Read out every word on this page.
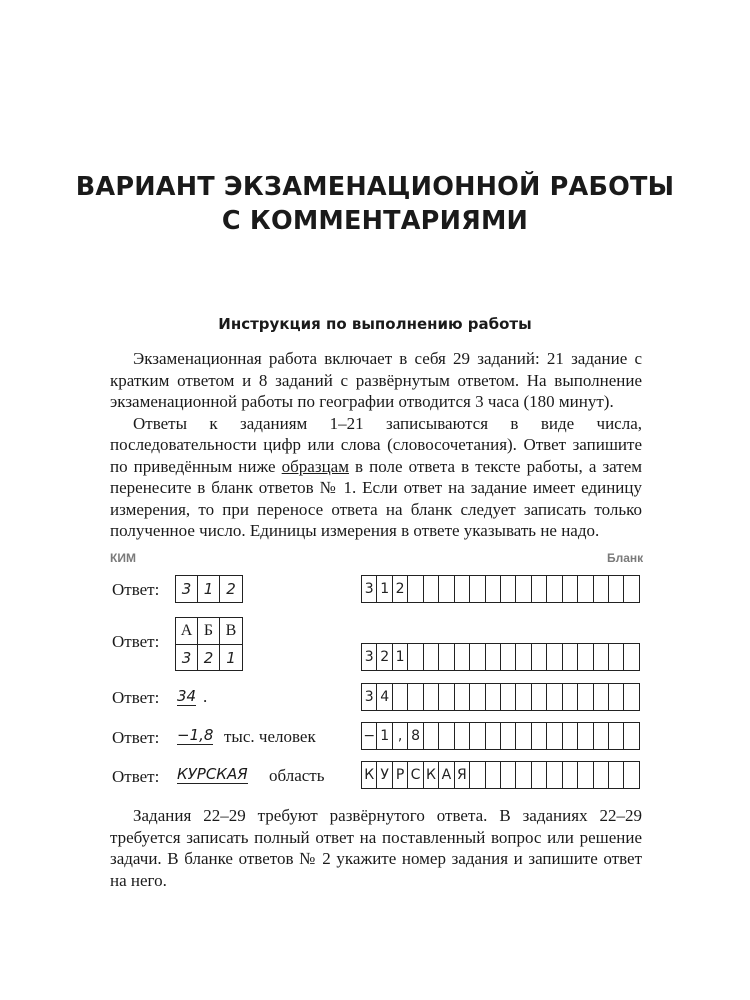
ВАРИАНТ ЭКЗАМЕНАЦИОННОЙ РАБОТЫ
С КОММЕНТАРИЯМИ
Инструкция по выполнению работы

Экзаменационная работа включает в себя 29 заданий: 21 задание с кратким ответом и 8 заданий с развёрнутым ответом. На выполнение экзаменационной работы по географии отводится 3 часа (180 минут).

Ответы к заданиям 1–21 записываются в виде числа, последовательности цифр или слова (словосочетания). Ответ запишите по приведённым ниже образцам в поле ответа в тексте работы, а затем перенесите в бланк ответов № 1. Если ответ на задание имеет единицу измерения, то при переносе ответа на бланк следует записать только полученное число. Единицы измерения в ответе указывать не надо.

КИМ	Бланк
Ответ:	3 1 2	3 1 2
Ответ:
А Б В
3 2 1	3 2 1
Ответ: 34 .	3 4
Ответ: −1,8 тыс. человек	− 1 , 8
Ответ: КУРСКАЯ область	К У Р С К А Я

Задания 22–29 требуют развёрнутого ответа. В заданиях 22–29 требуется записать полный ответ на поставленный вопрос или решение задачи. В бланке ответов № 2 укажите номер задания и запишите ответ на него.
